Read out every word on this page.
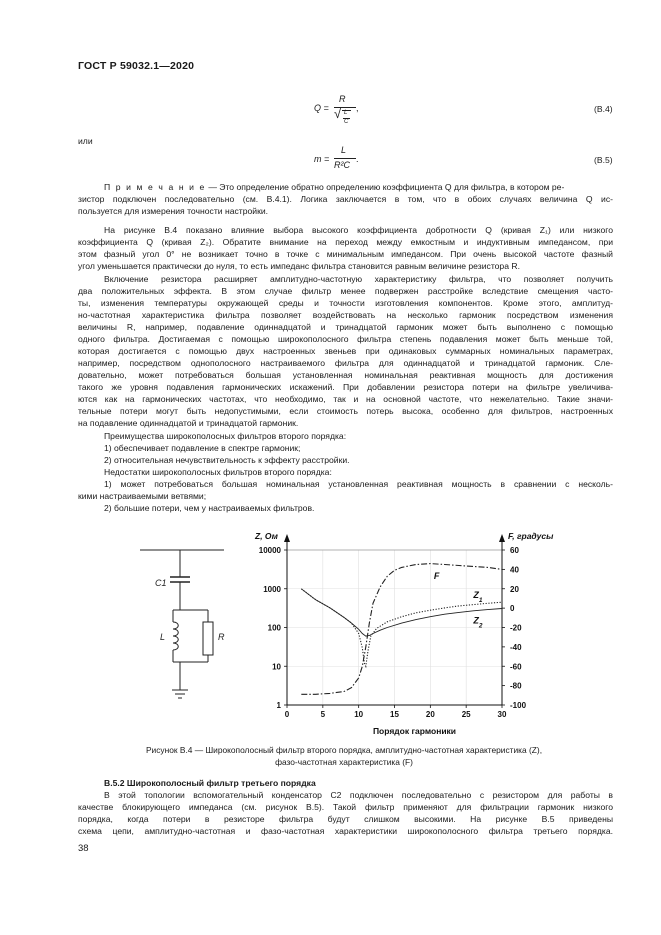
ГОСТ Р 59032.1—2020
Q =
R
√ L
C
,	(В.4)
или
m =
L
R²C
.	(В.5)
П р и м е ч а н и е — Это определение обратно определению коэффициента Q для фильтра, в котором ре-
зистор подключен последовательно (см. В.4.1). Логика заключается в том, что в обоих случаях величина Q ис-
пользуется для измерения точности настройки.
На рисунке В.4 показано влияние выбора высокого коэффициента добротности Q (кривая Z₁) или низкого
коэффициента Q (кривая Z₂). Обратите внимание на переход между емкостным и индуктивным импедансом, при
этом фазный угол 0° не возникает точно в точке с минимальным импедансом. При очень высокой частоте фазный
угол уменьшается практически до нуля, то есть импеданс фильтра становится равным величине резистора R.
Включение резистора расширяет амплитудно-частотную характеристику фильтра, что позволяет получить
два положительных эффекта. В этом случае фильтр менее подвержен расстройке вследствие смещения часто-
ты, изменения температуры окружающей среды и точности изготовления компонентов. Кроме этого, амплитуд-
но-частотная характеристика фильтра позволяет воздействовать на несколько гармоник посредством изменения
величины R, например, подавление одиннадцатой и тринадцатой гармоник может быть выполнено с помощью
одного фильтра. Достигаемая с помощью широкополосного фильтра степень подавления может быть меньше той,
которая достигается с помощью двух настроенных звеньев при одинаковых суммарных номинальных параметрах,
например, посредством однополосного настраиваемого фильтра для одиннадцатой и тринадцатой гармоник. Сле-
довательно, может потребоваться большая установленная номинальная реактивная мощность для достижения
такого же уровня подавления гармонических искажений. При добавлении резистора потери на фильтре увеличива-
ются как на гармонических частотах, что необходимо, так и на основной частоте, что нежелательно. Такие значи-
тельные потери могут быть недопустимыми, если стоимость потерь высока, особенно для фильтров, настроенных
на подавление одиннадцатой и тринадцатой гармоник.
Преимущества широкополосных фильтров второго порядка:
1) обеспечивает подавление в спектре гармоник;
2) относительная нечувствительность к эффекту расстройки.
Недостатки широкополосных фильтров второго порядка:
1) может потребоваться большая номинальная установленная реактивная мощность в сравнении с несколь-
кими настраиваемыми ветвями;
2) большие потери, чем у настраиваемых фильтров.
C1
L	R
0	5	10	15	20	25	30
10000
1000
100
10
1
60
40
20
0
-20
-40
-60
-80
-100
Z, Ом	F, градусы
Порядок гармоники
$Z_1$
$Z_2$
F
Рисунок В.4 — Широкополосный фильтр второго порядка, амплитудно-частотная характеристика (Z),
фазо-частотная характеристика (F)
В.5.2 Широкополосный фильтр третьего порядка
В этой топологии вспомогательный конденсатор C2 подключен последовательно с резистором для работы в
качестве блокирующего импеданса (см. рисунок В.5). Такой фильтр применяют для фильтрации гармоник низкого
порядка, когда потери в резисторе фильтра будут слишком высокими. На рисунке В.5 приведены
схема цепи, амплитудно-частотная и фазо-частотная характеристики широкополосного фильтра третьего порядка.
38
